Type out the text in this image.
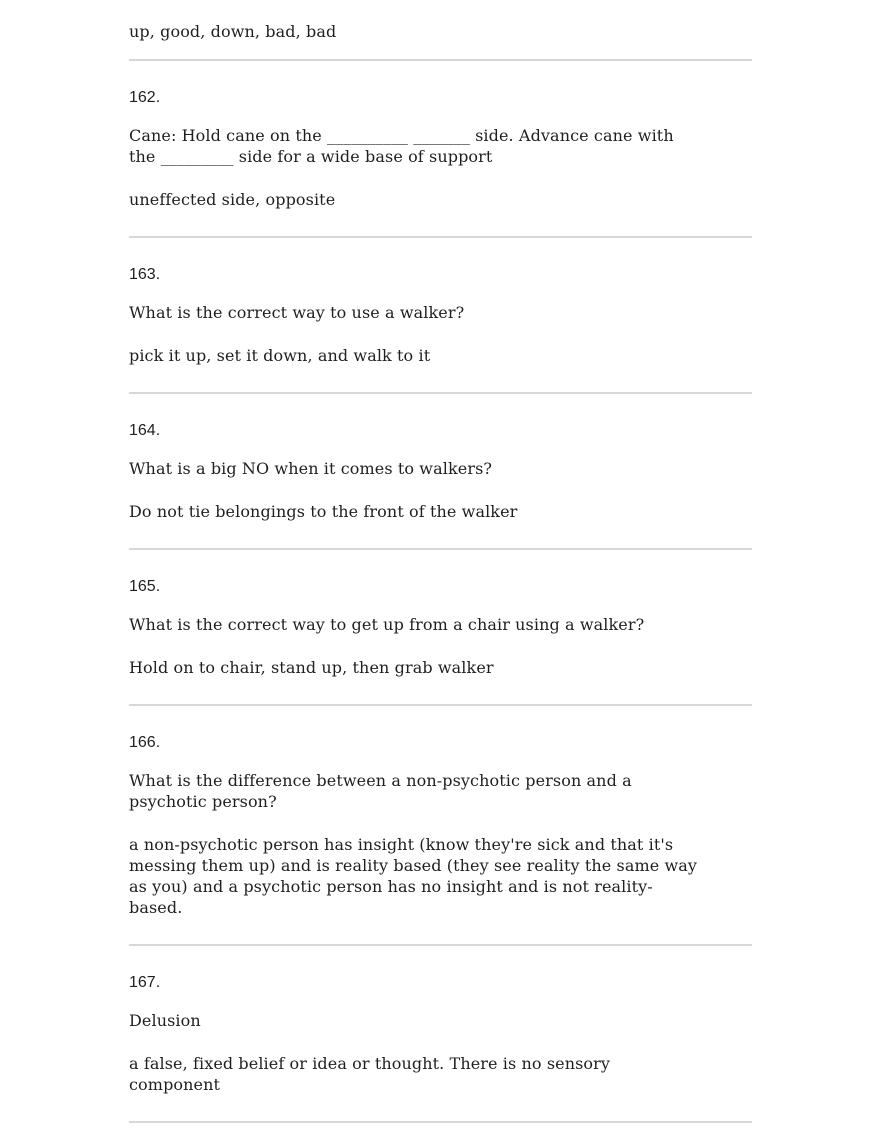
up, good, down, bad, bad
162.
Cane: Hold cane on the __________ _______ side. Advance cane with the _________ side for a wide base of support
uneffected side, opposite
163.
What is the correct way to use a walker?
pick it up, set it down, and walk to it
164.
What is a big NO when it comes to walkers?
Do not tie belongings to the front of the walker
165.
What is the correct way to get up from a chair using a walker?
Hold on to chair, stand up, then grab walker
166.
What is the difference between a non-psychotic person and a psychotic person?
a non-psychotic person has insight (know they're sick and that it's messing them up) and is reality based (they see reality the same way as you) and a psychotic person has no insight and is not reality-based.
167.
Delusion
a false, fixed belief or idea or thought. There is no sensory component
